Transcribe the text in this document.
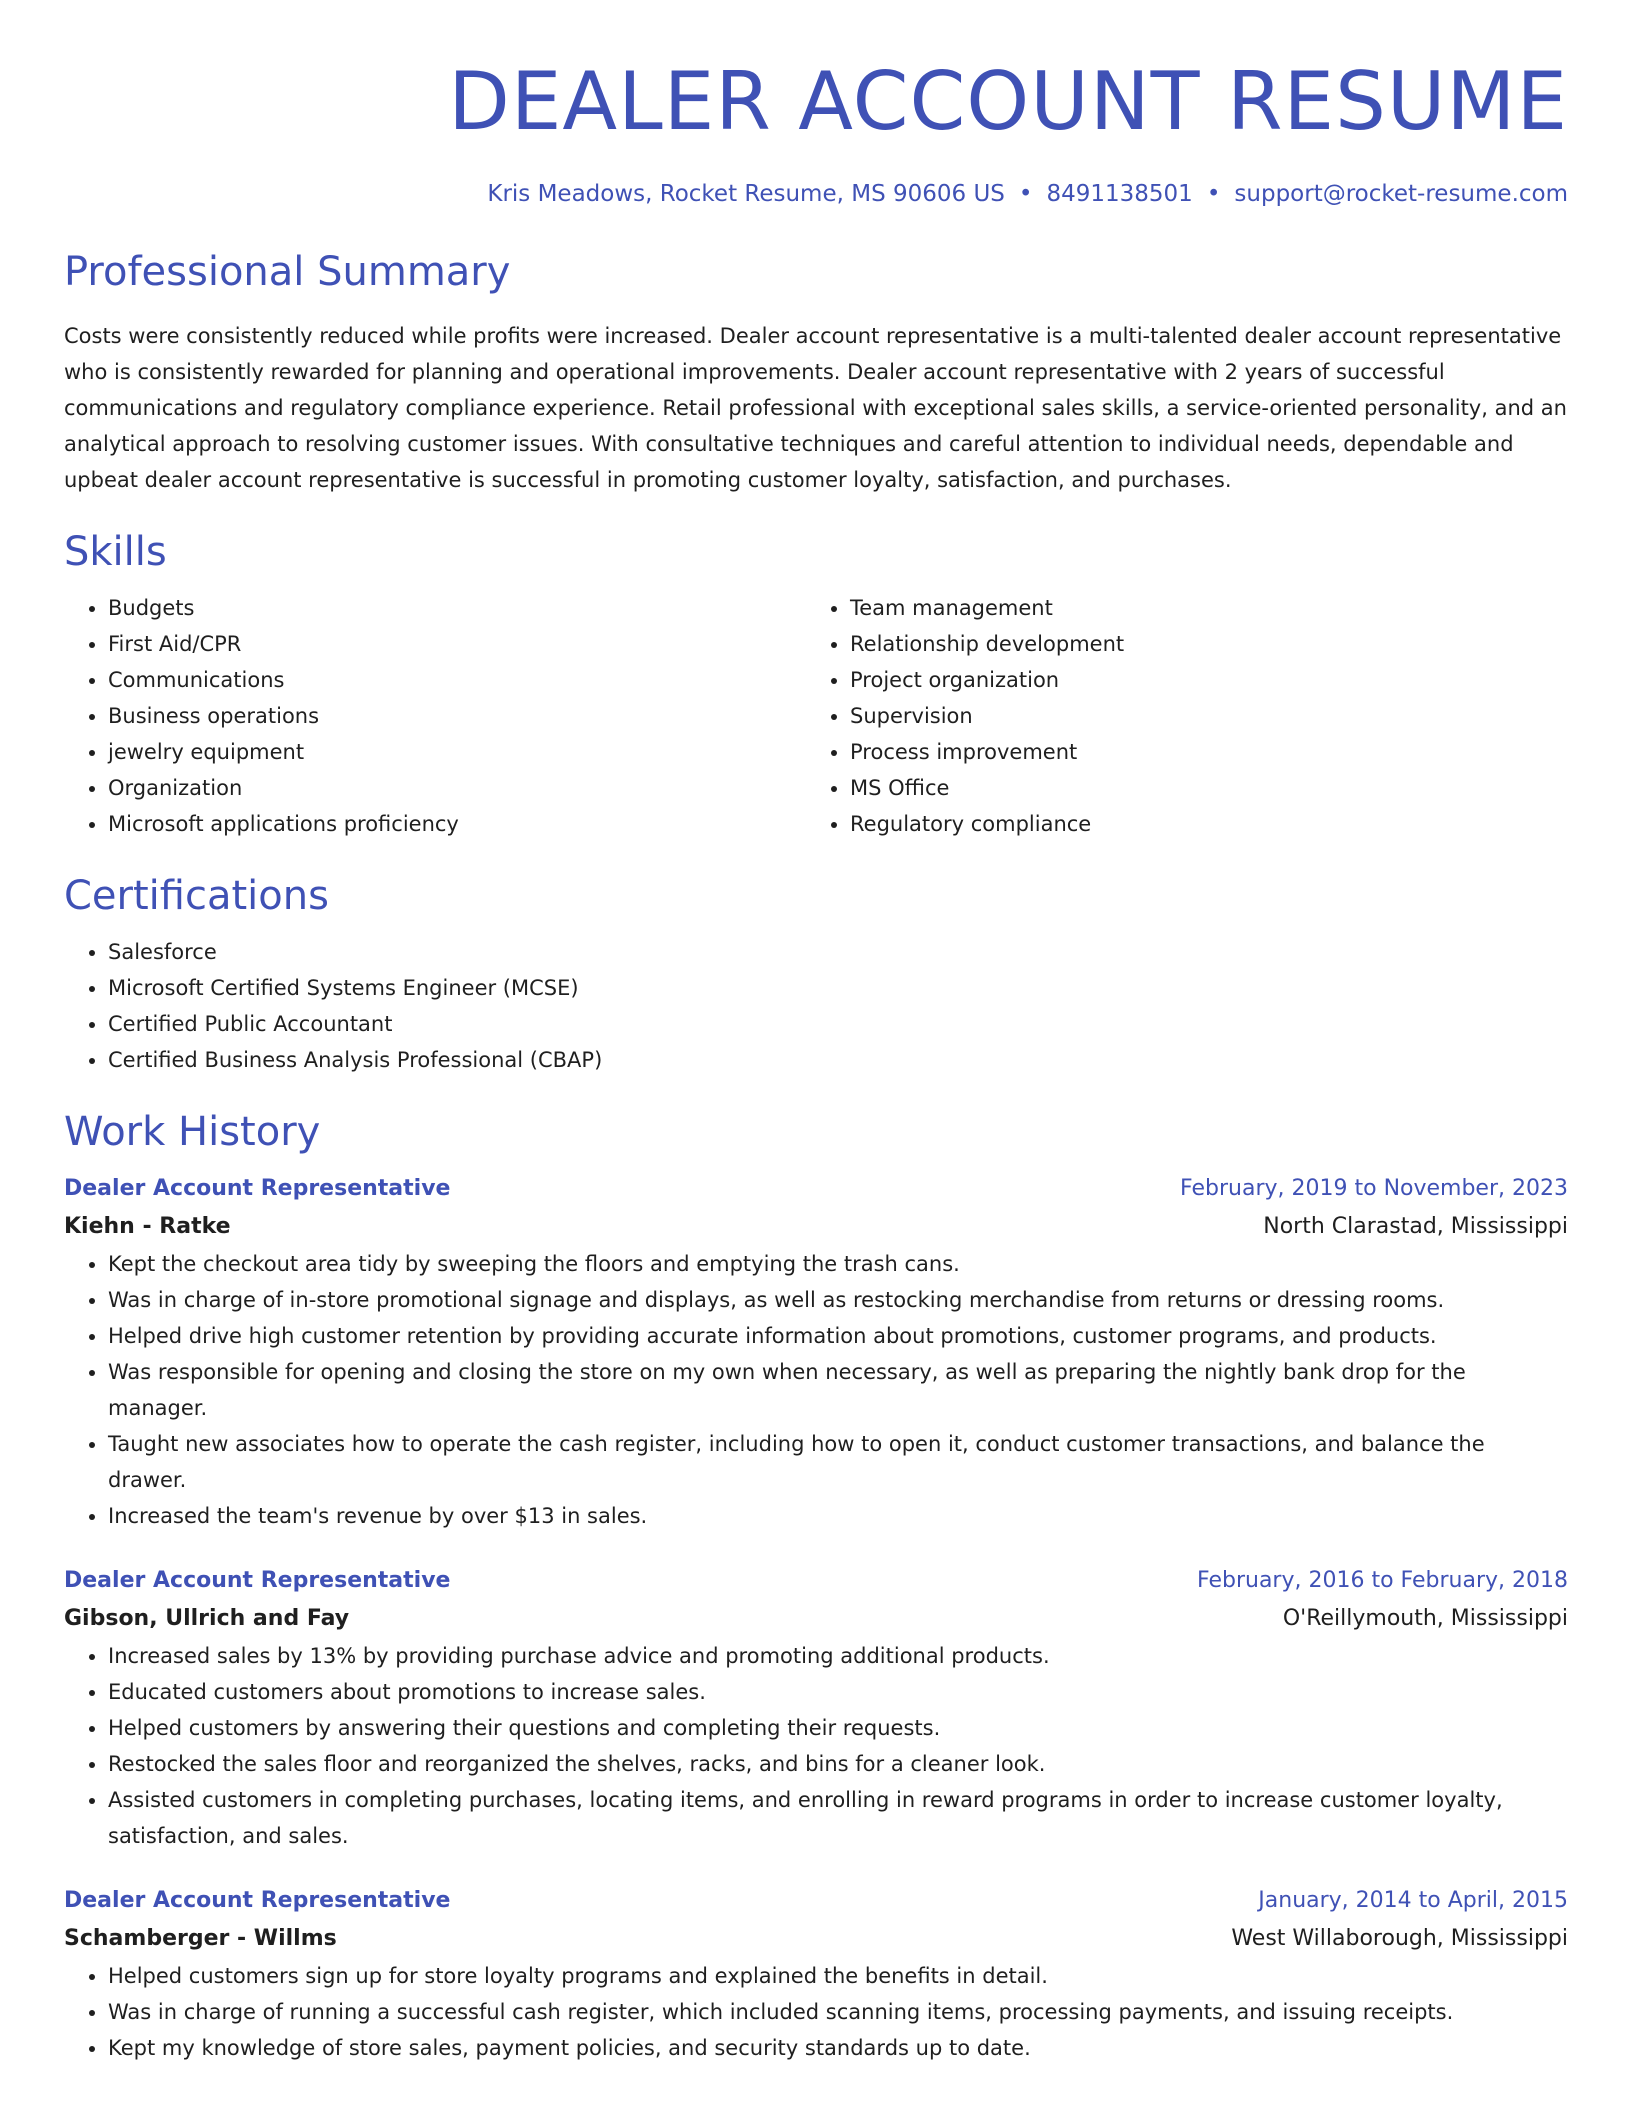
DEALER ACCOUNT RESUME
Kris Meadows, Rocket Resume, MS 90606 US • 8491138501 • support@rocket-resume.com
Professional Summary

Costs were consistently reduced while profits were increased. Dealer account representative is a multi-talented dealer account representative who is consistently rewarded for planning and operational improvements. Dealer account representative with 2 years of successful communications and regulatory compliance experience. Retail professional with exceptional sales skills, a service-oriented personality, and an analytical approach to resolving customer issues. With consultative techniques and careful attention to individual needs, dependable and upbeat dealer account representative is successful in promoting customer loyalty, satisfaction, and purchases.

Skills
• Budgets
• First Aid/CPR
• Communications
• Business operations
• jewelry equipment
• Organization
• Microsoft applications proficiency
• Team management
• Relationship development
• Project organization
• Supervision
• Process improvement
• MS Office
• Regulatory compliance
Certifications
• Salesforce
• Microsoft Certified Systems Engineer (MCSE)
• Certified Public Accountant
• Certified Business Analysis Professional (CBAP)
Work History
Dealer Account Representative	February, 2019 to November, 2023
Kiehn - Ratke	North Clarastad, Mississippi
• Kept the checkout area tidy by sweeping the floors and emptying the trash cans.
• Was in charge of in-store promotional signage and displays, as well as restocking merchandise from returns or dressing rooms.
• Helped drive high customer retention by providing accurate information about promotions, customer programs, and products.
• Was responsible for opening and closing the store on my own when necessary, as well as preparing the nightly bank drop for the manager.
• Taught new associates how to operate the cash register, including how to open it, conduct customer transactions, and balance the drawer.
• Increased the team's revenue by over $13 in sales.
Dealer Account Representative	February, 2016 to February, 2018
Gibson, Ullrich and Fay	O'Reillymouth, Mississippi
• Increased sales by 13% by providing purchase advice and promoting additional products.
• Educated customers about promotions to increase sales.
• Helped customers by answering their questions and completing their requests.
• Restocked the sales floor and reorganized the shelves, racks, and bins for a cleaner look.
• Assisted customers in completing purchases, locating items, and enrolling in reward programs in order to increase customer loyalty, satisfaction, and sales.
Dealer Account Representative	January, 2014 to April, 2015
Schamberger - Willms	West Willaborough, Mississippi
• Helped customers sign up for store loyalty programs and explained the benefits in detail.
• Was in charge of running a successful cash register, which included scanning items, processing payments, and issuing receipts.
• Kept my knowledge of store sales, payment policies, and security standards up to date.
